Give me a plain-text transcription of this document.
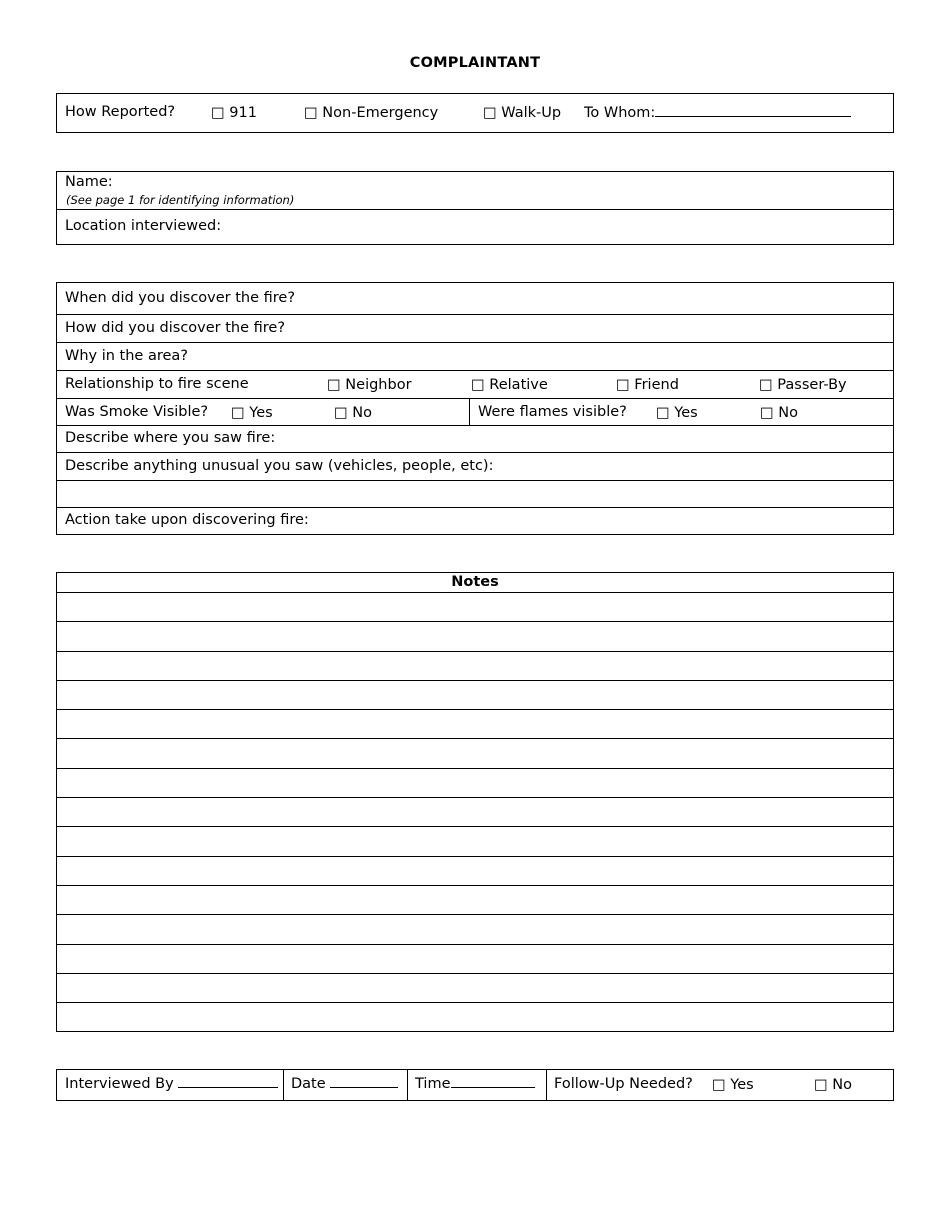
COMPLAINTANT
How Reported? □ 911	□ Non-Emergency	□ Walk-Up To Whom:
Name:
(See page 1 for identifying information)
Location interviewed:
When did you discover the fire?
How did you discover the fire?
Why in the area?
Relationship to fire scene	□ Neighbor	□ Relative	□ Friend	□ Passer-By
Was Smoke Visible? □ Yes	□ No	Were flames visible? □ Yes	□ No
Describe where you saw fire:
Describe anything unusual you saw (vehicles, people, etc):
Action take upon discovering fire:
Notes
Interviewed By	Date	Time	Follow-Up Needed? □ Yes	□ No
